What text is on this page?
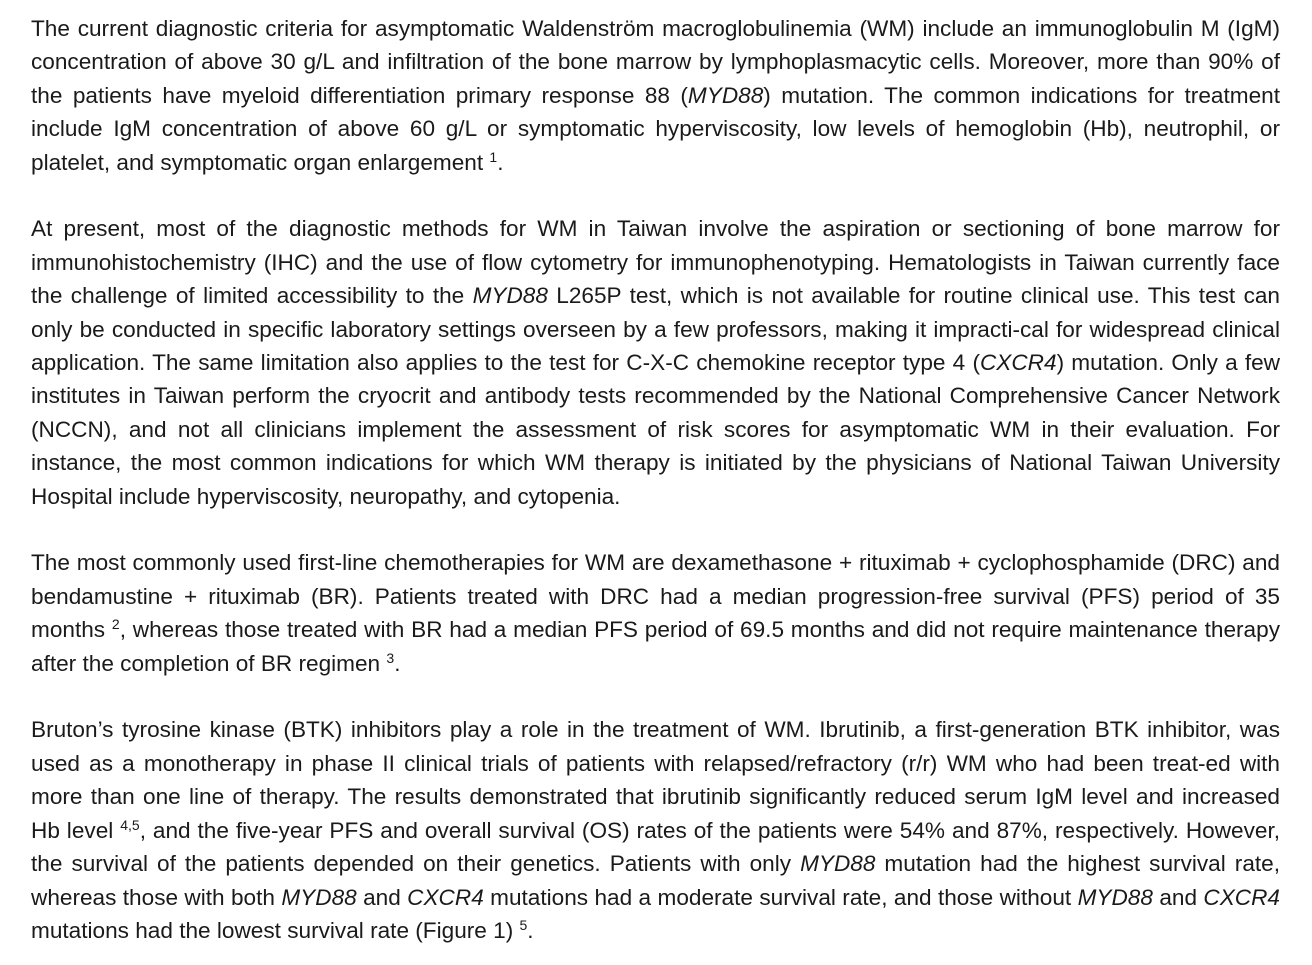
The current diagnostic criteria for asymptomatic Waldenström macroglobulinemia (WM) include an immunoglobulin M (IgM) concentration of above 30 g/L and infiltration of the bone marrow by lymphoplasmacytic cells. Moreover, more than 90% of the patients have myeloid differentiation primary response 88 (MYD88) mutation. The common indications for treatment include IgM concentration of above 60 g/L or symptomatic hyperviscosity, low levels of hemoglobin (Hb), neutrophil, or platelet, and symptomatic organ enlargement $^1$.

At present, most of the diagnostic methods for WM in Taiwan involve the aspiration or sectioning of bone marrow for immunohistochemistry (IHC) and the use of flow cytometry for immunophenotyping. Hematologists in Taiwan currently face the challenge of limited accessibility to the MYD88 L265P test, which is not available for routine clinical use. This test can only be conducted in specific laboratory settings overseen by a few professors, making it impracti-cal for widespread clinical application. The same limitation also applies to the test for C-X-C chemokine receptor type 4 (CXCR4) mutation. Only a few institutes in Taiwan perform the cryocrit and antibody tests recommended by the National Comprehensive Cancer Network (NCCN), and not all clinicians implement the assessment of risk scores for asymptomatic WM in their evaluation. For instance, the most common indications for which WM therapy is initiated by the physicians of National Taiwan University Hospital include hyperviscosity, neuropathy, and cytopenia.

The most commonly used first-line chemotherapies for WM are dexamethasone + rituximab + cyclophosphamide (DRC) and bendamustine + rituximab (BR). Patients treated with DRC had a median progression-free survival (PFS) period of 35 months $^2$, whereas those treated with BR had a median PFS period of 69.5 months and did not require maintenance therapy after the completion of BR regimen $^3$.

Bruton’s tyrosine kinase (BTK) inhibitors play a role in the treatment of WM. Ibrutinib, a first-generation BTK inhibitor, was used as a monotherapy in phase II clinical trials of patients with relapsed/refractory (r/r) WM who had been treat-ed with more than one line of therapy. The results demonstrated that ibrutinib significantly reduced serum IgM level and increased Hb level $^{4,5}$, and the five-year PFS and overall survival (OS) rates of the patients were 54% and 87%, respectively. However, the survival of the patients depended on their genetics. Patients with only MYD88 mutation had the highest survival rate, whereas those with both MYD88 and CXCR4 mutations had a moderate survival rate, and those without MYD88 and CXCR4 mutations had the lowest survival rate (Figure 1) $^5$.
